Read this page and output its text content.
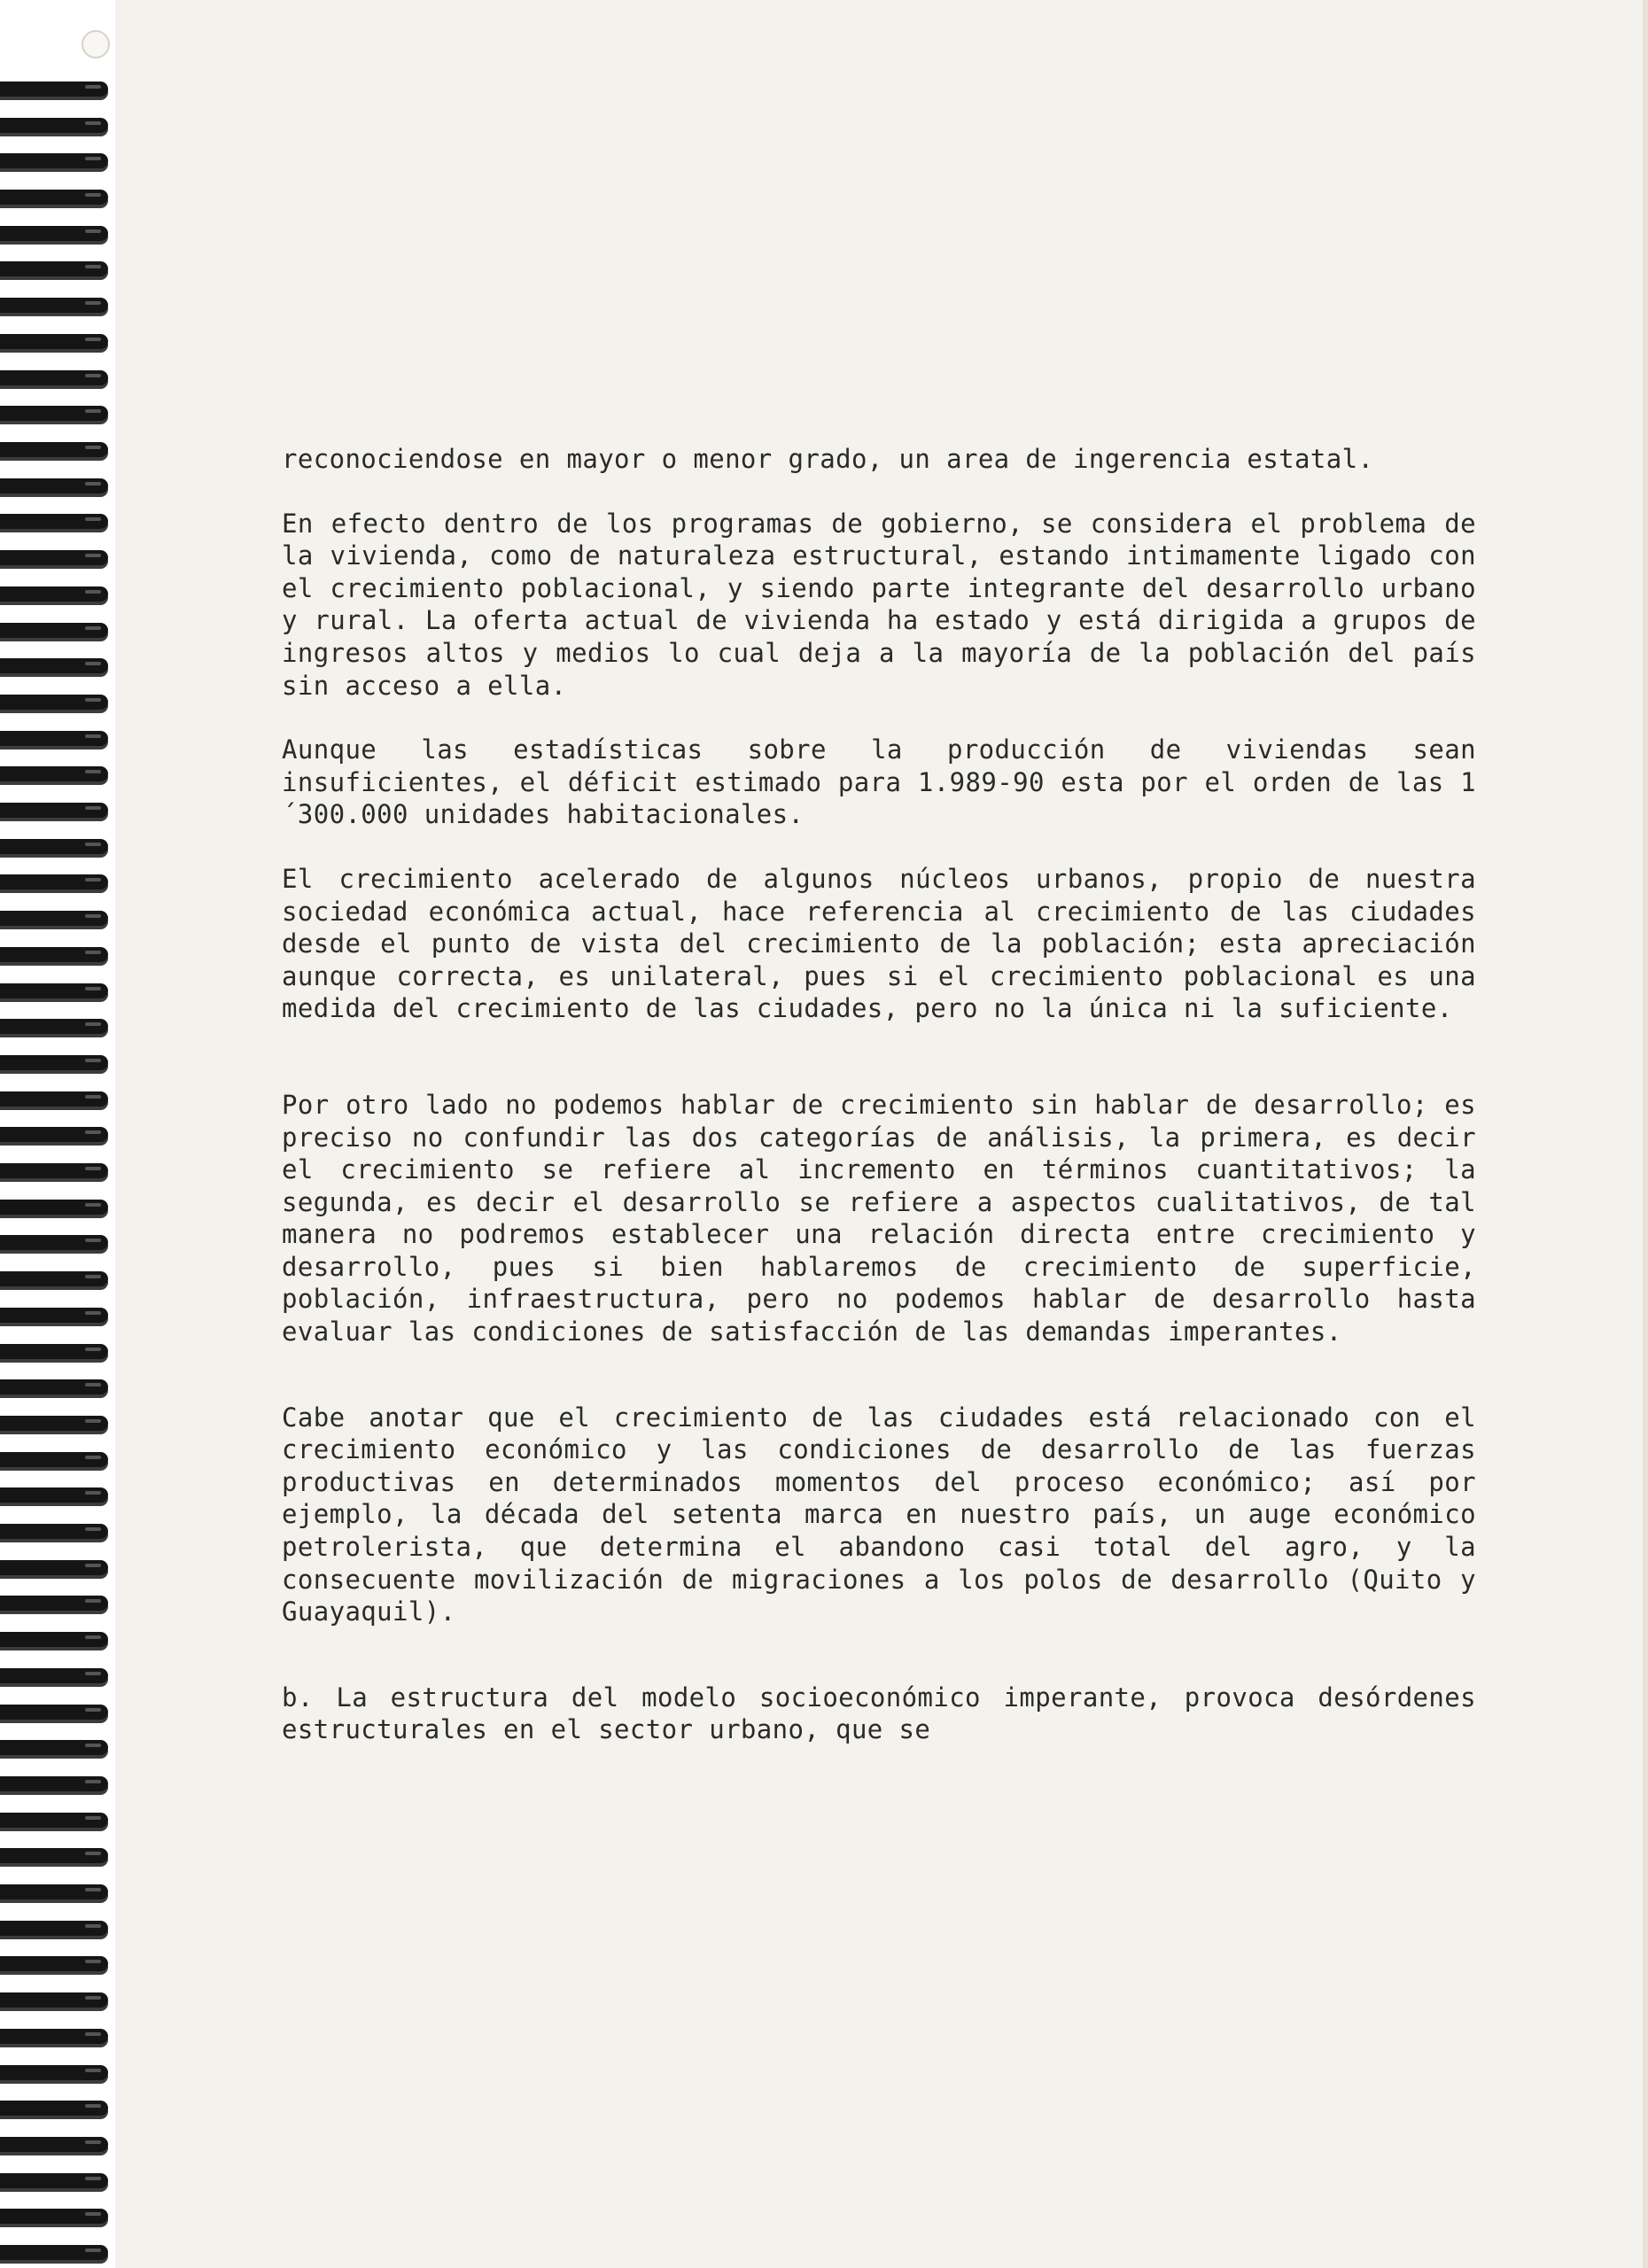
reconociendose en mayor o menor grado, un area de ingerencia estatal.

En efecto dentro de los programas de gobierno, se considera el problema de la vivienda, como de naturaleza estructural, estando intimamente ligado con el crecimiento poblacional, y siendo parte integrante del desarrollo urbano y rural. La oferta actual de vivienda ha estado y está dirigida a grupos de ingresos altos y medios lo cual deja a la mayoría de la población del país sin acceso a ella.

Aunque las estadísticas sobre la producción de viviendas sean insuficientes, el déficit estimado para 1.989-90 esta por el orden de las 1´300.000 unidades habitacionales.

El crecimiento acelerado de algunos núcleos urbanos, propio de nuestra sociedad económica actual, hace referencia al crecimiento de las ciudades desde el punto de vista del crecimiento de la población; esta apreciación aunque correcta, es unilateral, pues si el crecimiento poblacional es una medida del crecimiento de las ciudades, pero no la única ni la suficiente.

Por otro lado no podemos hablar de crecimiento sin hablar de desarrollo; es preciso no confundir las dos categorías de análisis, la primera, es decir el crecimiento se refiere al incremento en términos cuantitativos; la segunda, es decir el desarrollo se refiere a aspectos cualitativos, de tal manera no podremos establecer una relación directa entre crecimiento y desarrollo, pues si bien hablaremos de crecimiento de superficie, población, infraestructura, pero no podemos hablar de desarrollo hasta evaluar las condiciones de satisfacción de las demandas imperantes.

Cabe anotar que el crecimiento de las ciudades está relacionado con el crecimiento económico y las condiciones de desarrollo de las fuerzas productivas en determinados momentos del proceso económico; así por ejemplo, la década del setenta marca en nuestro país, un auge económico petrolerista, que determina el abandono casi total del agro, y la consecuente movilización de migraciones a los polos de desarrollo (Quito y Guayaquil).

b. La estructura del modelo socioeconómico imperante, provoca desórdenes estructurales en el sector urbano, que se
